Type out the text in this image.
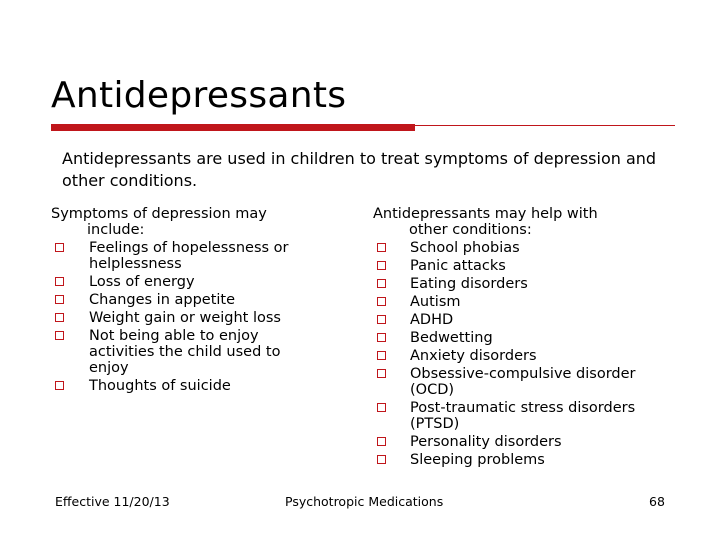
Antidepressants
Antidepressants are used in children to treat symptoms of depression and other conditions.
Symptoms of depression may
include:
Feelings of hopelessness or helplessness
Loss of energy
Changes in appetite
Weight gain or weight loss
Not being able to enjoy activities the child used to enjoy
Thoughts of suicide
Antidepressants may help with
other conditions:
School phobias
Panic attacks
Eating disorders
Autism
ADHD
Bedwetting
Anxiety disorders
Obsessive-compulsive disorder (OCD)
Post-traumatic stress disorders (PTSD)
Personality disorders
Sleeping problems
Effective 11/20/13	Psychotropic Medications	68
